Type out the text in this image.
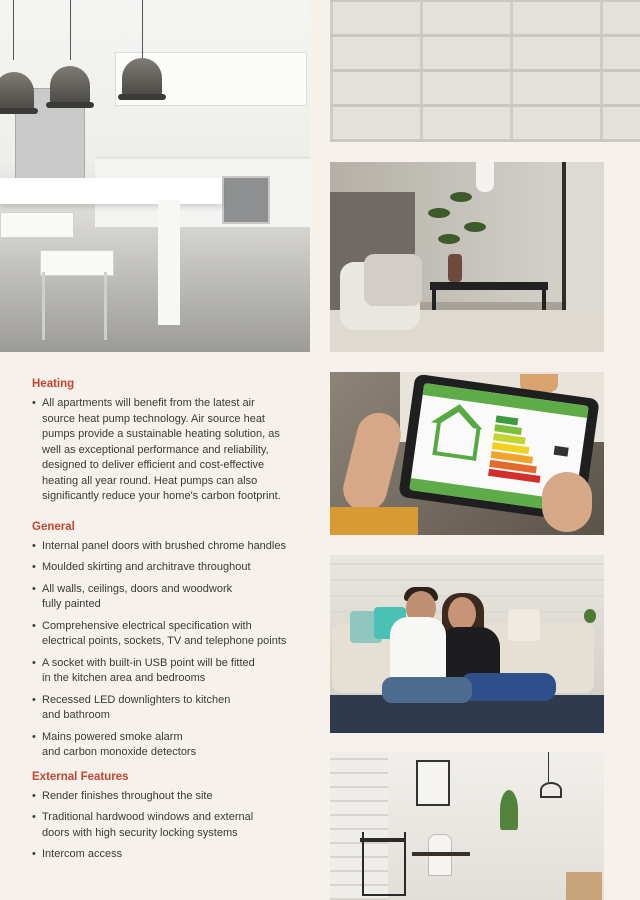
Heating
• All apartments will benefit from the latest air
source heat pump technology. Air source heat
pumps provide a sustainable heating solution, as
well as exceptional performance and reliability,
designed to deliver efficient and cost-effective
heating all year round. Heat pumps can also
significantly reduce your home's carbon footprint.
General
• Internal panel doors with brushed chrome handles
• Moulded skirting and architrave throughout
• All walls, ceilings, doors and woodwork
fully painted
• Comprehensive electrical specification with
electrical points, sockets, TV and telephone points
• A socket with built-in USB point will be fitted
in the kitchen area and bedrooms
• Recessed LED downlighters to kitchen
and bathroom
• Mains powered smoke alarm
and carbon monoxide detectors
External Features
• Render finishes throughout the site
• Traditional hardwood windows and external
doors with high security locking systems
• Intercom access
